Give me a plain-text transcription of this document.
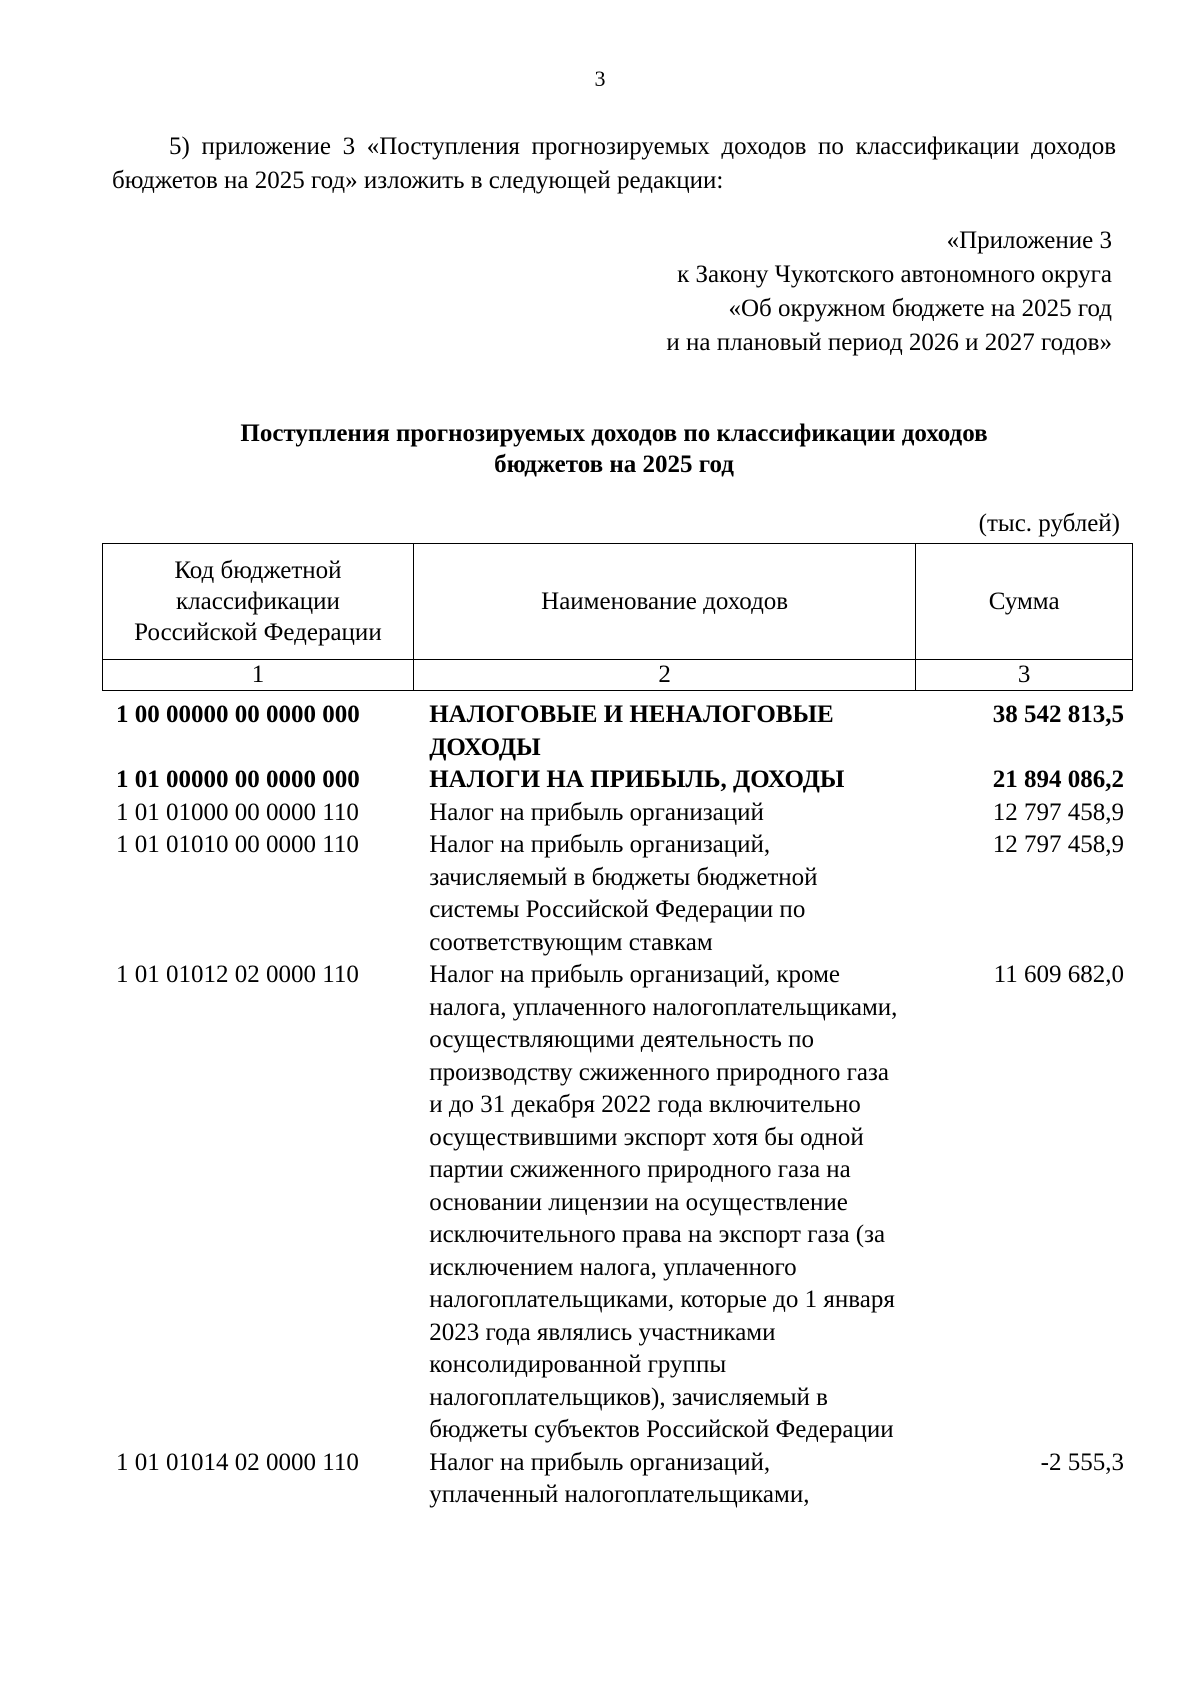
3

5) приложение 3 «Поступления прогнозируемых доходов по классификации доходов бюджетов на 2025 год» изложить в следующей редакции:

«Приложение 3
к Закону Чукотского автономного округа
«Об окружном бюджете на 2025 год
и на плановый период 2026 и 2027 годов»
Поступления прогнозируемых доходов по классификации доходов
бюджетов на 2025 год
(тыс. рублей)
Код бюджетной классификации Российской Федерации	Наименование доходов	Сумма
1	2	3
1 00 00000 00 0000 000	НАЛОГОВЫЕ И НЕНАЛОГОВЫЕ ДОХОДЫ	38 542 813,5
1 01 00000 00 0000 000	НАЛОГИ НА ПРИБЫЛЬ, ДОХОДЫ	21 894 086,2
1 01 01000 00 0000 110	Налог на прибыль организаций	12 797 458,9
1 01 01010 00 0000 110	Налог на прибыль организаций, зачисляемый в бюджеты бюджетной системы Российской Федерации по соответствующим ставкам	12 797 458,9
1 01 01012 02 0000 110	Налог на прибыль организаций, кроме налога, уплаченного налогоплательщиками, осуществляющими деятельность по производству сжиженного природного газа и до 31 декабря 2022 года включительно осуществившими экспорт хотя бы одной партии сжиженного природного газа на основании лицензии на осуществление исключительного права на экспорт газа (за исключением налога, уплаченного налогоплательщиками, которые до 1 января 2023 года являлись участниками консолидированной группы налогоплательщиков), зачисляемый в бюджеты субъектов Российской Федерации	11 609 682,0
1 01 01014 02 0000 110	Налог на прибыль организаций, уплаченный налогоплательщиками,	-2 555,3
